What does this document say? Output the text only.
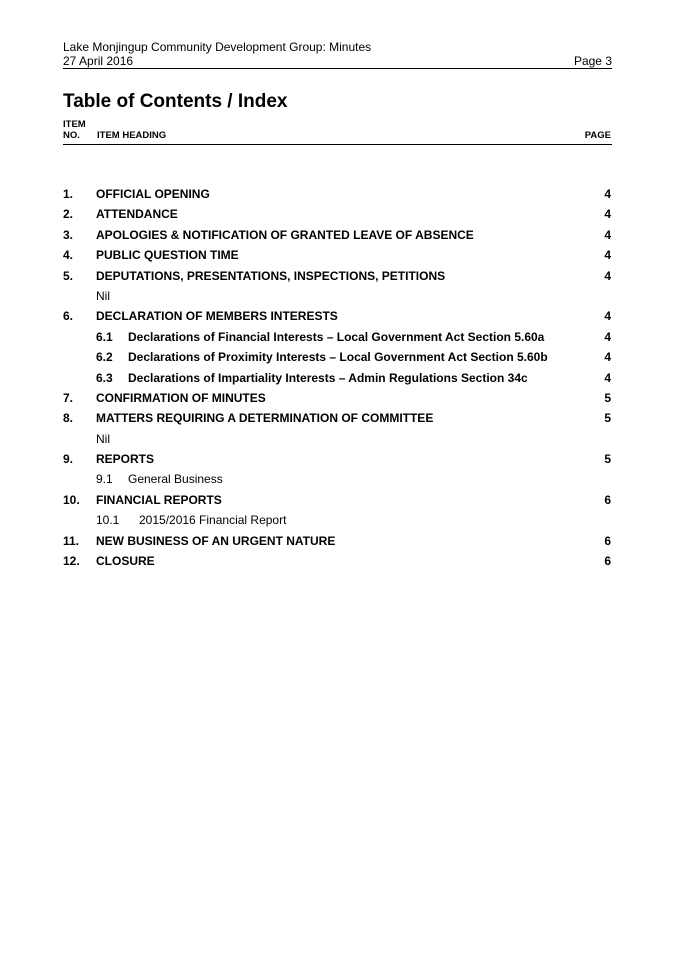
Lake Monjingup Community Development Group: Minutes
27 April 2016	Page 3
Table of Contents / Index
ITEM
NO.	ITEM HEADING	PAGE
1. OFFICIAL OPENING	4
2. ATTENDANCE	4
3. APOLOGIES & NOTIFICATION OF GRANTED LEAVE OF ABSENCE	4
4. PUBLIC QUESTION TIME	4
5. DEPUTATIONS, PRESENTATIONS, INSPECTIONS, PETITIONS	4
Nil
6. DECLARATION OF MEMBERS INTERESTS	4
6.1 Declarations of Financial Interests – Local Government Act Section 5.60a	4
6.2 Declarations of Proximity Interests – Local Government Act Section 5.60b	4
6.3 Declarations of Impartiality Interests – Admin Regulations Section 34c	4
7. CONFIRMATION OF MINUTES	5
8. MATTERS REQUIRING A DETERMINATION OF COMMITTEE	5
Nil
9. REPORTS	5
9.1 General Business
10. FINANCIAL REPORTS	6
10.1 2015/2016 Financial Report
11. NEW BUSINESS OF AN URGENT NATURE	6
12. CLOSURE	6
